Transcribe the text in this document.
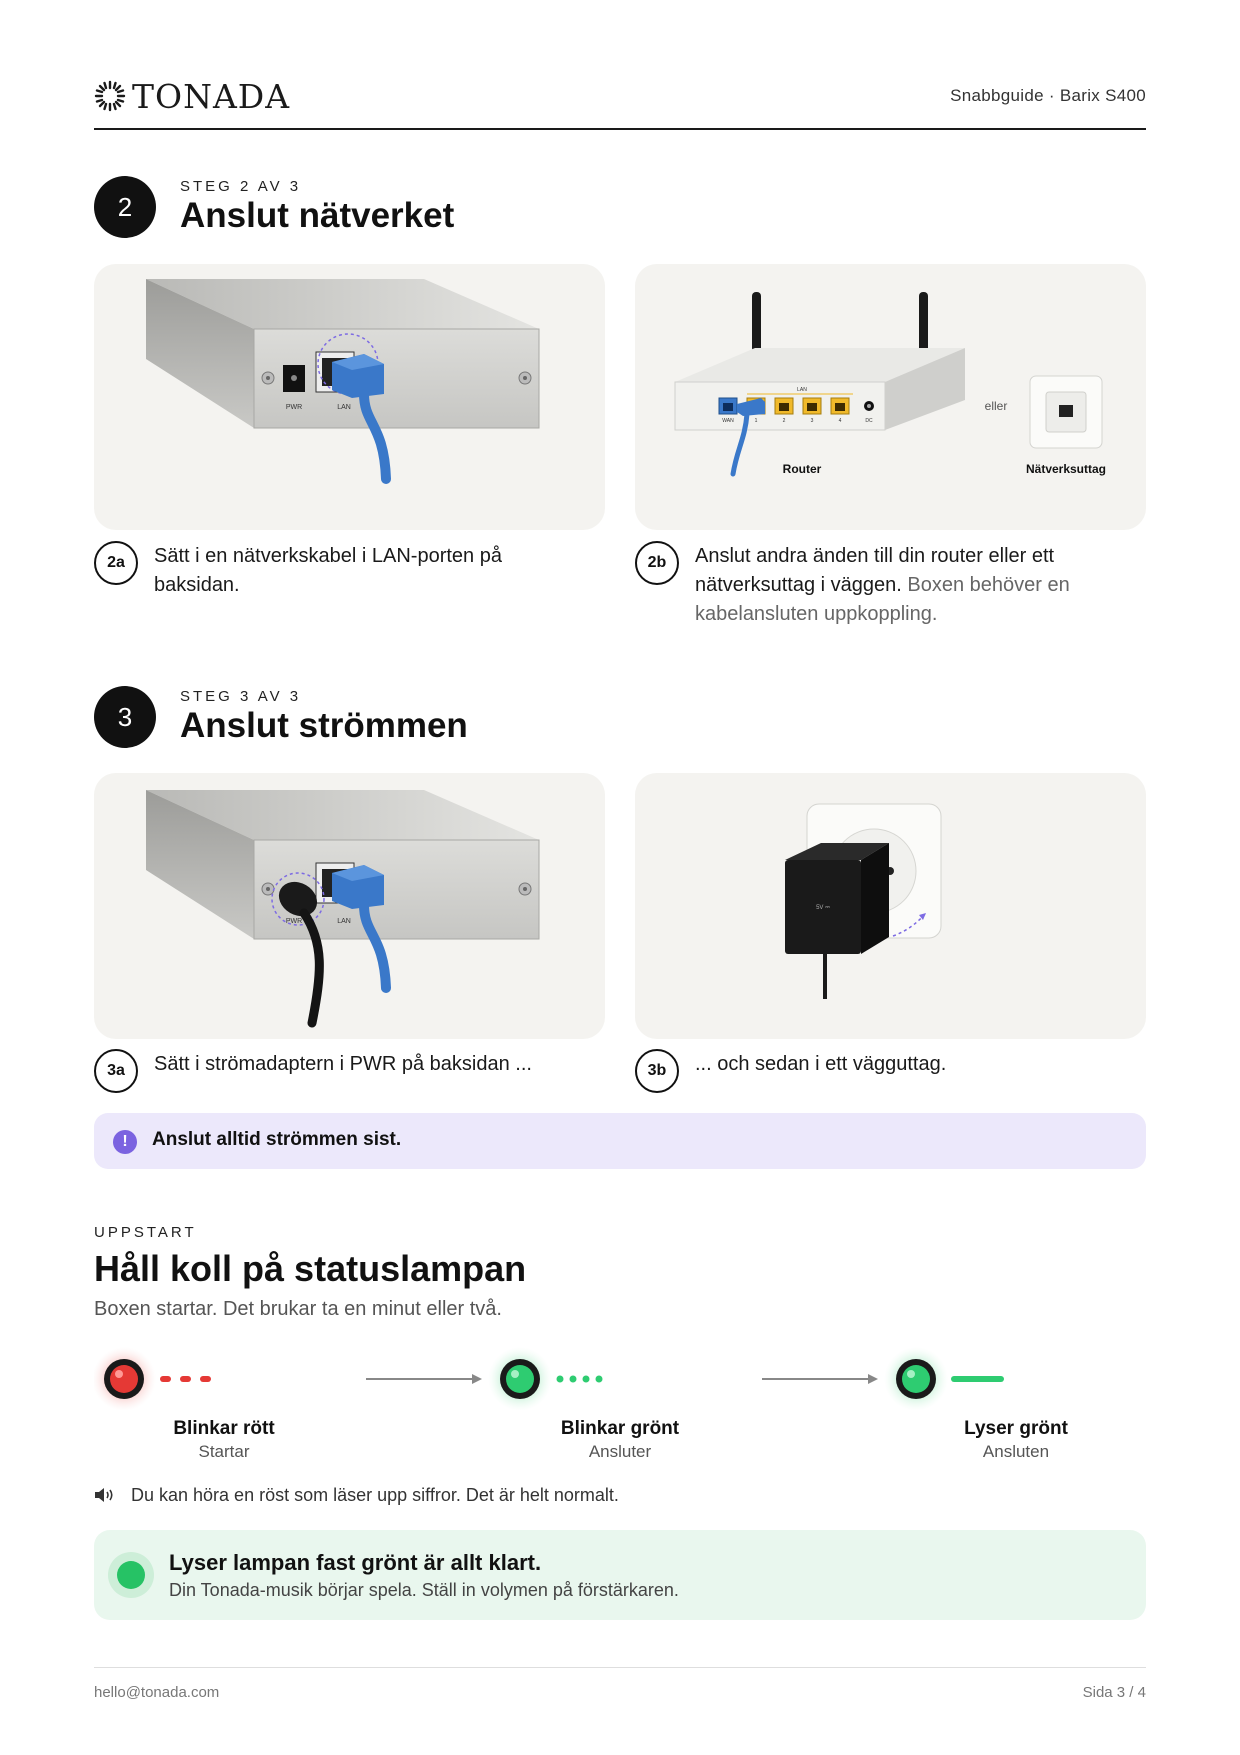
TONADA	Snabbguide · Barix S400
2
STEG 2 AV 3
Anslut nätverket
PWR	LAN
WAN
LAN
1	2	3	4	DC
Router
eller
Nätverksuttag
2a	Sätt i en nätverkskabel i LAN-porten på baksidan.
2b	Anslut andra änden till din router eller ett nätverksuttag i väggen. Boxen behöver en kabelansluten uppkoppling.
3
STEG 3 AV 3
Anslut strömmen
PWR	LAN
5V ⎓
3a	Sätt i strömadaptern i PWR på baksidan ...	3b	... och sedan i ett vägguttag.
!	Anslut alltid strömmen sist.
UPPSTART
Håll koll på statuslampan
Boxen startar. Det brukar ta en minut eller två.
Blinkar rött
Startar
Blinkar grönt
Ansluter
Lyser grönt
Ansluten
Du kan höra en röst som läser upp siffror. Det är helt normalt.
Lyser lampan fast grönt är allt klart.
Din Tonada-musik börjar spela. Ställ in volymen på förstärkaren.
hello@tonada.com	Sida 3 / 4
